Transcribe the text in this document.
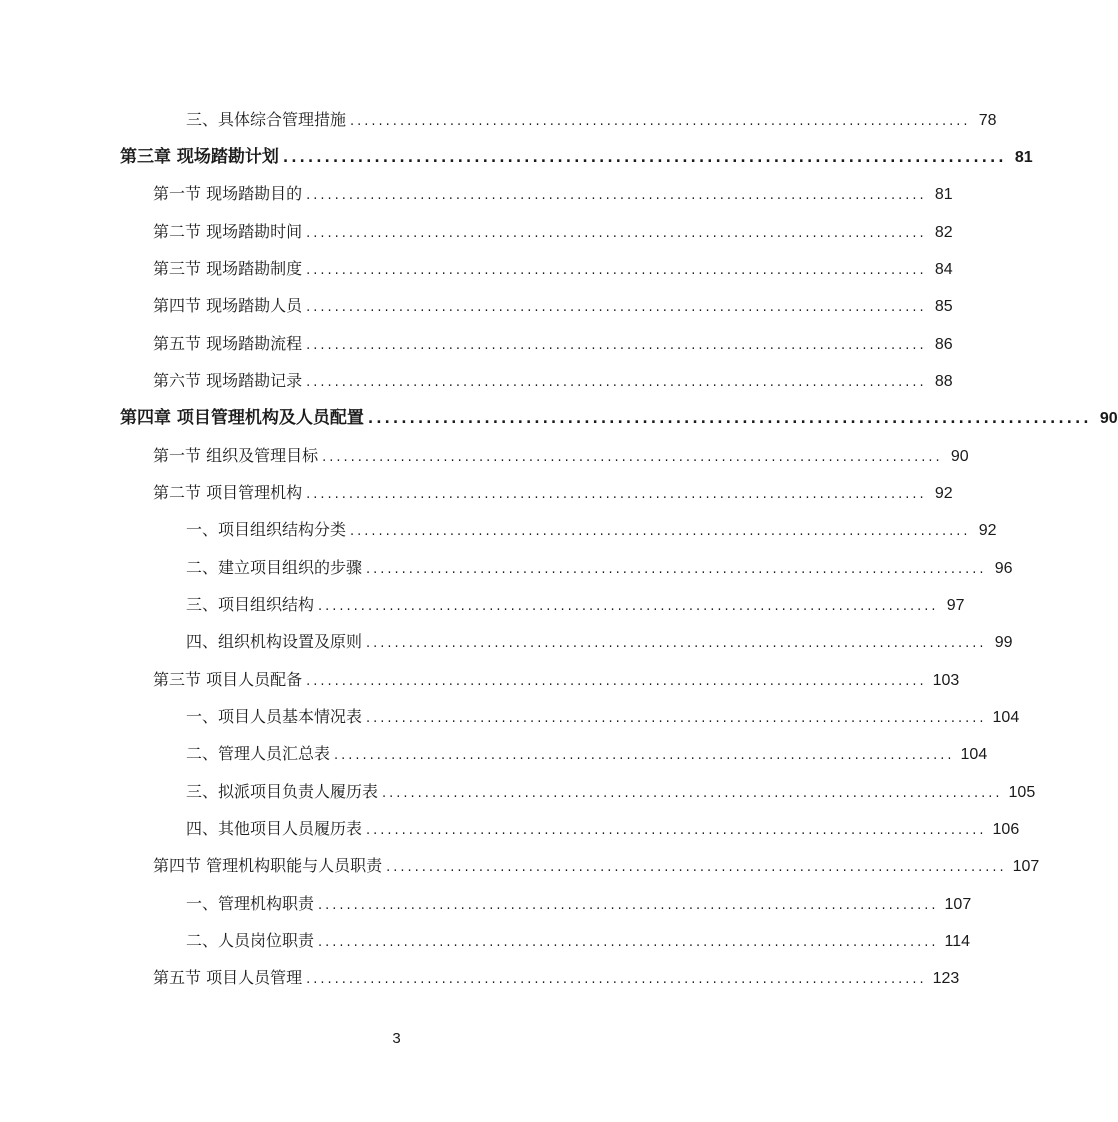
三、具体综合管理措施 ....................................................................................... 78
第三章 现场踏勘计划 ....................................................................................... 81
第一节 现场踏勘目的 ....................................................................................... 81
第二节 现场踏勘时间 ....................................................................................... 82
第三节 现场踏勘制度 ....................................................................................... 84
第四节 现场踏勘人员 ....................................................................................... 85
第五节 现场踏勘流程 ....................................................................................... 86
第六节 现场踏勘记录 ....................................................................................... 88
第四章 项目管理机构及人员配置 ....................................................................................... 90
第一节 组织及管理目标 ....................................................................................... 90
第二节 项目管理机构 ....................................................................................... 92
一、项目组织结构分类 ....................................................................................... 92
二、建立项目组织的步骤 ....................................................................................... 96
三、项目组织结构 ....................................................................................... 97
四、组织机构设置及原则 ....................................................................................... 99
第三节 项目人员配备 ....................................................................................... 103
一、项目人员基本情况表 ....................................................................................... 104
二、管理人员汇总表 ....................................................................................... 104
三、拟派项目负责人履历表 ....................................................................................... 105
四、其他项目人员履历表 ....................................................................................... 106
第四节 管理机构职能与人员职责 ....................................................................................... 107
一、管理机构职责 ....................................................................................... 107
二、人员岗位职责 ....................................................................................... 114
第五节 项目人员管理 ....................................................................................... 123
3
